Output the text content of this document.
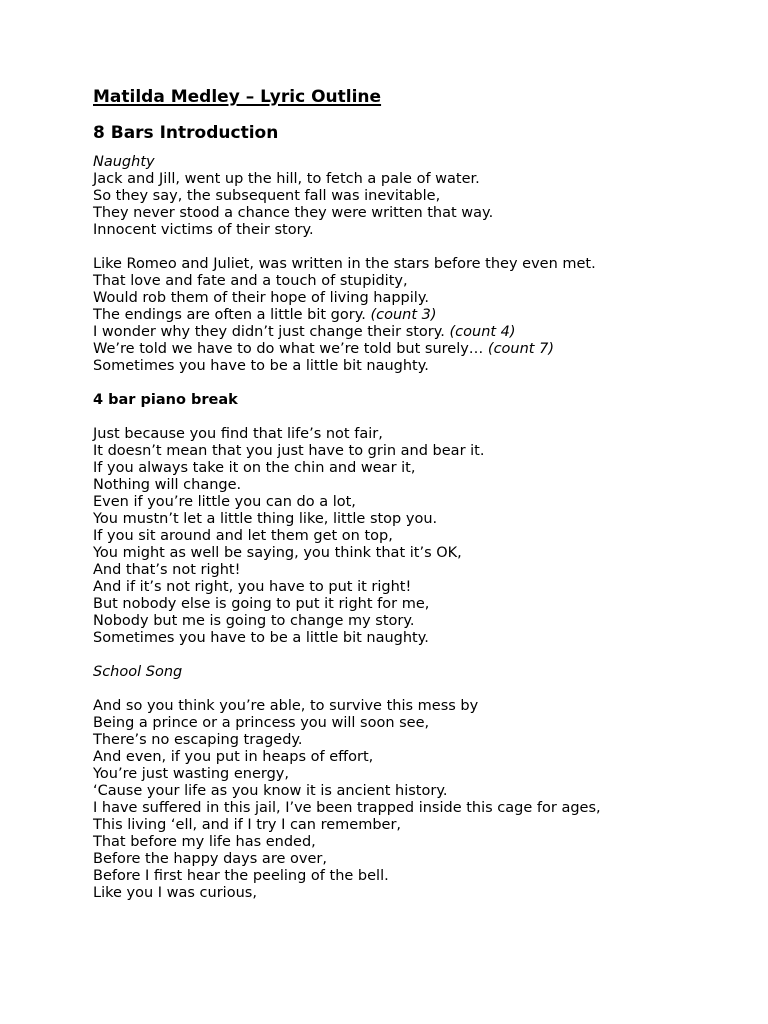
Matilda Medley – Lyric Outline
8 Bars Introduction
Naughty
Jack and Jill, went up the hill, to fetch a pale of water.
So they say, the subsequent fall was inevitable,
They never stood a chance they were written that way.
Innocent victims of their story.
Like Romeo and Juliet, was written in the stars before they even met.
That love and fate and a touch of stupidity,
Would rob them of their hope of living happily.
The endings are often a little bit gory. (count 3)
I wonder why they didn’t just change their story. (count 4)
We’re told we have to do what we’re told but surely… (count 7)
Sometimes you have to be a little bit naughty.
4 bar piano break
Just because you find that life’s not fair,
It doesn’t mean that you just have to grin and bear it.
If you always take it on the chin and wear it,
Nothing will change.
Even if you’re little you can do a lot,
You mustn’t let a little thing like, little stop you.
If you sit around and let them get on top,
You might as well be saying, you think that it’s OK,
And that’s not right!
And if it’s not right, you have to put it right!
But nobody else is going to put it right for me,
Nobody but me is going to change my story.
Sometimes you have to be a little bit naughty.
School Song
And so you think you’re able, to survive this mess by
Being a prince or a princess you will soon see,
There’s no escaping tragedy.
And even, if you put in heaps of effort,
You’re just wasting energy,
‘Cause your life as you know it is ancient history.
I have suffered in this jail, I’ve been trapped inside this cage for ages,
This living ‘ell, and if I try I can remember,
That before my life has ended,
Before the happy days are over,
Before I first hear the peeling of the bell.
Like you I was curious,
